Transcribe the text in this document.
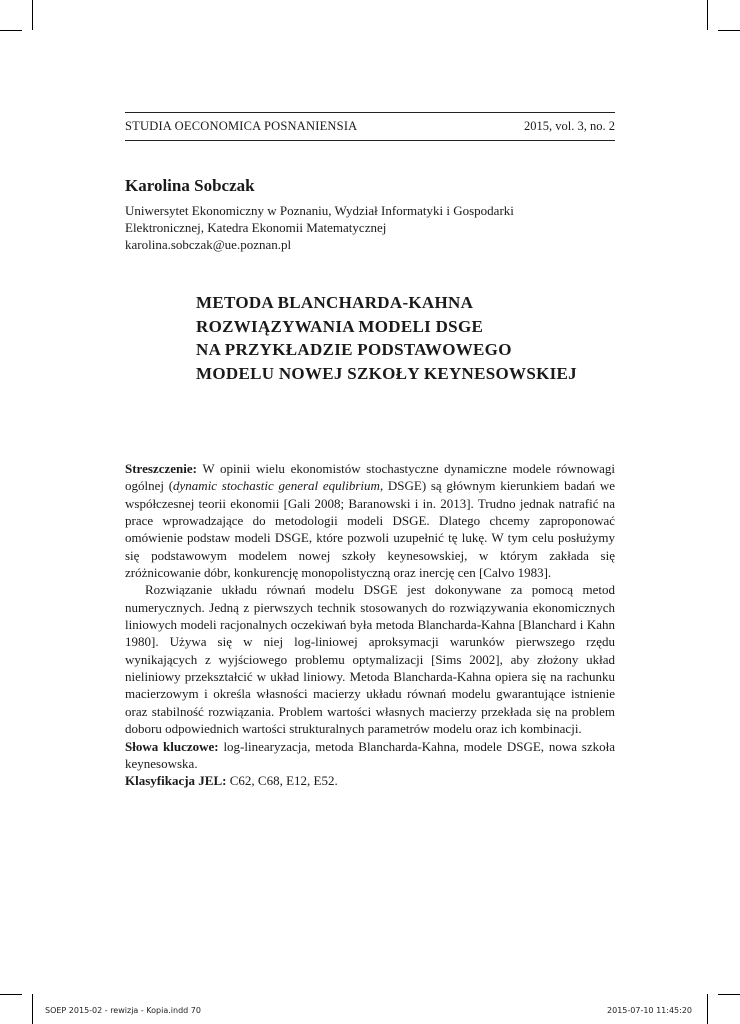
STUDIA OECONOMICA POSNANIENSIA	2015, vol. 3, no. 2
Karolina Sobczak
Uniwersytet Ekonomiczny w Poznaniu, Wydział Informatyki i Gospodarki
Elektronicznej, Katedra Ekonomii Matematycznej
karolina.sobczak@ue.poznan.pl
METODA BLANCHARDA-KAHNA
ROZWIĄZYWANIA MODELI DSGE
NA PRZYKŁADZIE PODSTAWOWEGO
MODELU NOWEJ SZKOŁY KEYNESOWSKIEJ

Streszczenie: W opinii wielu ekonomistów stochastyczne dynamiczne modele równowagi ogólnej (dynamic stochastic general equlibrium, DSGE) są głównym kierunkiem badań we współczesnej teorii ekonomii [Gali 2008; Baranowski i in. 2013]. Trudno jednak natrafić na prace wprowadzające do metodologii modeli DSGE. Dlatego chcemy zaproponować omówienie podstaw modeli DSGE, które pozwoli uzupełnić tę lukę. W tym celu posłużymy się podstawowym modelem nowej szkoły keynesowskiej, w którym zakłada się zróżnicowanie dóbr, konkurencję monopolistyczną oraz inercję cen [Calvo 1983].

Rozwiązanie układu równań modelu DSGE jest dokonywane za pomocą metod numerycznych. Jedną z pierwszych technik stosowanych do rozwiązywania ekonomicznych liniowych modeli racjonalnych oczekiwań była metoda Blancharda-Kahna [Blanchard i Kahn 1980]. Używa się w niej log-liniowej aproksymacji warunków pierwszego rzędu wynikających z wyjściowego problemu optymalizacji [Sims 2002], aby złożony układ nieliniowy przekształcić w układ liniowy. Metoda Blancharda-Kahna opiera się na rachunku macierzowym i określa własności macierzy układu równań modelu gwarantujące istnienie oraz stabilność rozwiązania. Problem wartości własnych macierzy przekłada się na problem doboru odpowiednich wartości strukturalnych parametrów modelu oraz ich kombinacji.

Słowa kluczowe: log-linearyzacja, metoda Blancharda-Kahna, modele DSGE, nowa szkoła keynesowska.

Klasyfikacja JEL: C62, C68, E12, E52.

SOEP 2015-02 - rewizja - Kopia.indd 70	2015-07-10 11:45:20
